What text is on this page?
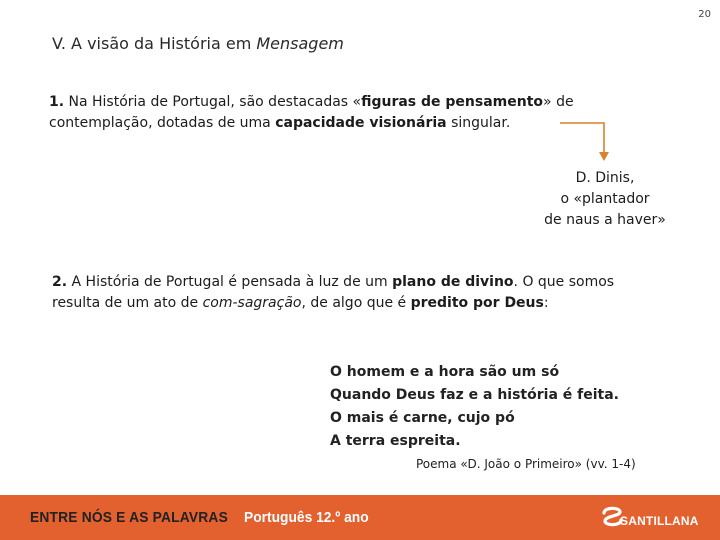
20
V. A visão da História em Mensagem
1. Na História de Portugal, são destacadas «figuras de pensamento» de contemplação, dotadas de uma capacidade visionária singular.
D. Dinis,
o «plantador
de naus a haver»
2. A História de Portugal é pensada à luz de um plano de divino. O que somos resulta de um ato de com-sagração, de algo que é predito por Deus:
O homem e a hora são um só
Quando Deus faz e a história é feita.
O mais é carne, cujo pó
A terra espreita.
Poema «D. João o Primeiro» (vv. 1-4)
ENTRE NÓS E AS PALAVRAS Português 12.º ano	SANTILLANA
